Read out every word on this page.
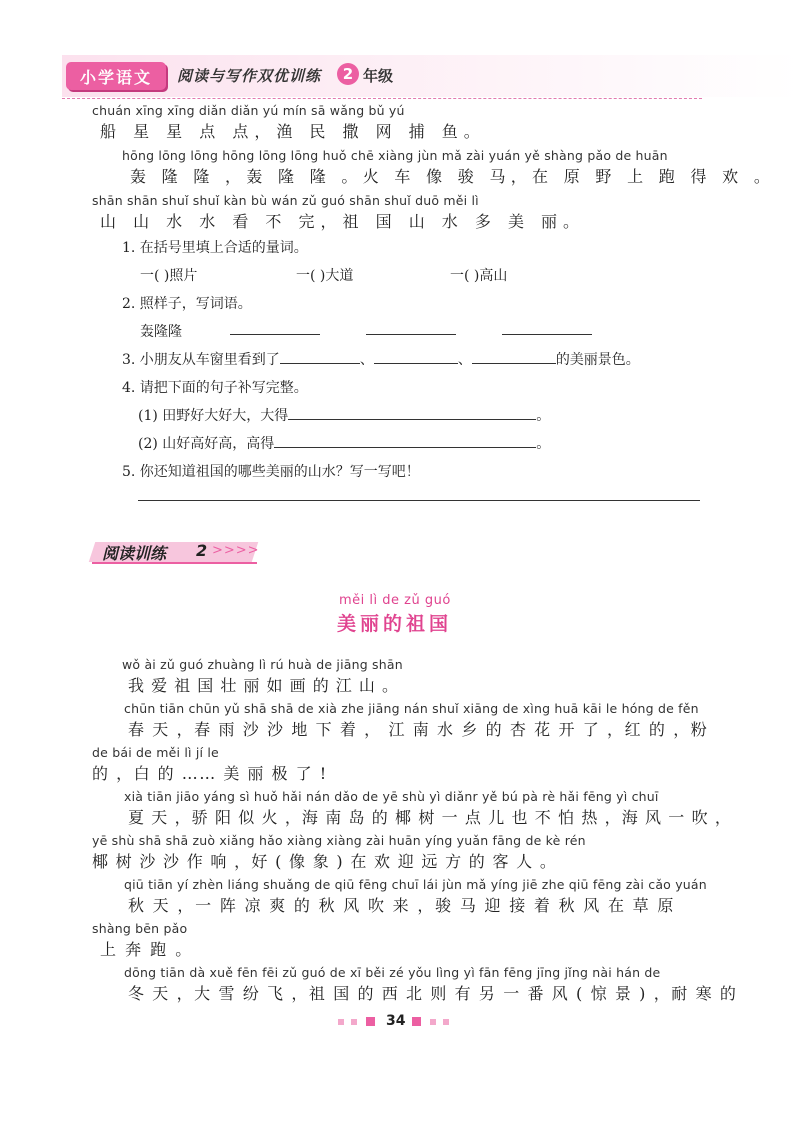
小学语文	阅读与写作双优训练	2 年级
chuán xīng xīng diǎn diǎn yú mín sā wǎng bǔ yú
船 星 星 点 点，渔 民 撒 网 捕 鱼。
hōng lōng lōng hōng lōng lōng huǒ chē xiàng jùn mǎ zài yuán yě shàng pǎo de huān
轰 隆 隆 ，轰 隆 隆 。火 车 像 骏 马，在 原 野 上 跑 得 欢 。
shān shān shuǐ shuǐ kàn bù wán zǔ guó shān shuǐ duō měi lì
山 山 水 水 看 不 完，祖 国 山 水 多 美 丽。
1. 在括号里填上合适的量词。
一( )照片	一( )大道	一( )高山
2. 照样子，写词语。
轰隆隆
3. 小朋友从车窗里看到了	、	、	的美丽景色。
4. 请把下面的句子补写完整。
(1) 田野好大好大，大得	。
(2) 山好高好高，高得	。
5. 你还知道祖国的哪些美丽的山水？写一写吧！
阅读训练 2 >>>>
měi lì de zǔ guó
美丽的祖国
wǒ ài zǔ guó zhuàng lì rú huà de jiāng shān
我 爱 祖 国 壮 丽 如 画 的 江 山 。
chūn tiān chūn yǔ shā shā de xià zhe jiāng nán shuǐ xiāng de xìng huā kāi le hóng de fěn
春 天 ，春 雨 沙 沙 地 下 着 ， 江 南 水 乡 的 杏 花 开 了 ，红 的 ，粉
de bái de měi lì jí le
的 ，白 的 …… 美 丽 极 了 !
xià tiān jiāo yáng sì huǒ hǎi nán dǎo de yē shù yì diǎnr yě bú pà rè hǎi fēng yì chuī
夏 天 ，骄 阳 似 火 ，海 南 岛 的 椰 树 一 点 儿 也 不 怕 热 ，海 风 一 吹 ，
yē shù shā shā zuò xiǎng hǎo xiàng xiàng zài huān yíng yuǎn fāng de kè rén
椰 树 沙 沙 作 响 ，好 ( 像 象 ) 在 欢 迎 远 方 的 客 人 。
qiū tiān yí zhèn liáng shuǎng de qiū fēng chuī lái jùn mǎ yíng jiē zhe qiū fēng zài cǎo yuán
秋 天 ，一 阵 凉 爽 的 秋 风 吹 来 ，骏 马 迎 接 着 秋 风 在 草 原
shàng bēn pǎo
上 奔 跑 。
dōng tiān dà xuě fēn fēi zǔ guó de xī běi zé yǒu lìng yì fān fēng jīng jǐng nài hán de
冬 天 ，大 雪 纷 飞 ，祖 国 的 西 北 则 有 另 一 番 风 ( 惊 景 ) ，耐 寒 的
34
